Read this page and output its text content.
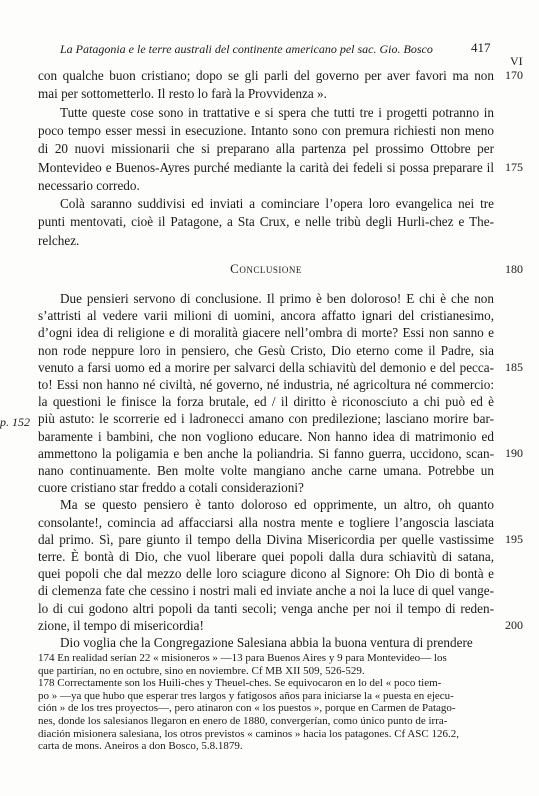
La Patagonia e le terre australi del continente americano pel sac. Gio. Bosco	417
VI
con qualche buon cristiano; dopo se gli parli del governo per aver favori ma non 170
mai per sottometterlo. Il resto lo farà la Provvidenza ».
Tutte queste cose sono in trattative e si spera che tutti tre i progetti potranno in
poco tempo esser messi in esecuzione. Intanto sono con premura richiesti non meno
di 20 nuovi missionarii che si preparano alla partenza pel prossimo Ottobre per
Montevideo e Buenos-Ayres purché mediante la carità dei fedeli si possa preparare il 175
necessario corredo.
Colà saranno suddivisi ed inviati a cominciare l’opera loro evangelica nei tre
punti mentovati, cioè il Patagone, a Sta Crux, e nelle tribù degli Hurli-chez e The-
relchez.
Conclusione	180
p. 152
Due pensieri servono di conclusione. Il primo è ben doloroso! E chi è che non
s’attristi al vedere varii milioni di uomini, ancora affatto ignari del cristianesimo,
d’ogni idea di religione e di moralità giacere nell’ombra di morte? Essi non sanno e
non rode neppure loro in pensiero, che Gesù Cristo, Dio eterno come il Padre, sia
venuto a farsi uomo ed a morire per salvarci della schiavitù del demonio e del pecca- 185
to! Essi non hanno né civiltà, né governo, né industria, né agricoltura né commercio:
la questioni le finisce la forza brutale, ed / il diritto è riconosciuto a chi può ed è
più astuto: le scorrerie ed i ladronecci amano con predilezione; lasciano morire bar-
baramente i bambini, che non vogliono educare. Non hanno idea di matrimonio ed
ammettono la poligamia e ben anche la poliandria. Si fanno guerra, uccidono, scan- 190
nano continuamente. Ben molte volte mangiano anche carne umana. Potrebbe un
cuore cristiano star freddo a cotali considerazioni?
Ma se questo pensiero è tanto doloroso ed opprimente, un altro, oh quanto
consolante!, comincia ad affacciarsi alla nostra mente e togliere l’angoscia lasciata
dal primo. Sì, pare giunto il tempo della Divina Misericordia per quelle vastissime 195
terre. È bontà di Dio, che vuol liberare quei popoli dalla dura schiavitù di satana,
quei popoli che dal mezzo delle loro sciagure dicono al Signore: Oh Dio di bontà e
di clemenza fate che cessino i nostri mali ed inviate anche a noi la luce di quel vange-
lo di cui godono altri popoli da tanti secoli; venga anche per noi il tempo di reden-
zione, il tempo di misericordia!	200
Dio voglia che la Congregazione Salesiana abbia la buona ventura di prendere
174 En realidad serían 22 « misioneros » —13 para Buenos Aires y 9 para Montevideo— los
que partirían, no en octubre, sino en noviembre. Cf MB XII 509, 526-529.
178 Correctamente son los Huili-ches y Theuel-ches. Se equivocaron en lo del « poco tiem-
po » —ya que hubo que esperar tres largos y fatigosos años para iniciarse la « puesta en ejecu-
ción » de los tres proyectos—, pero atinaron con « los puestos », porque en Carmen de Patago-
nes, donde los salesianos llegaron en enero de 1880, convergerían, como único punto de irra-
diación misionera salesiana, los otros previstos « caminos » hacia los patagones. Cf ASC 126.2,
carta de mons. Aneiros a don Bosco, 5.8.1879.
